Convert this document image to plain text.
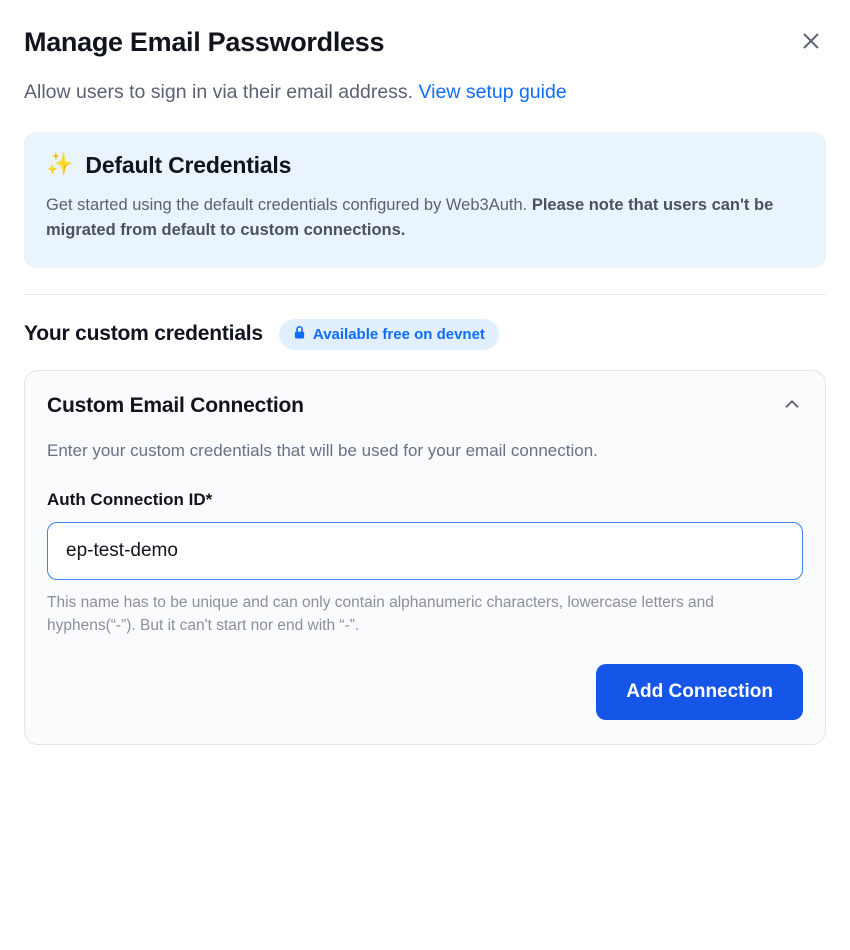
Manage Email Passwordless
Allow users to sign in via their email address. View setup guide
✨ Default Credentials
Get started using the default credentials configured by Web3Auth. Please note that users can't be migrated from default to custom connections.
Your custom credentials	Available free on devnet
Custom Email Connection
Enter your custom credentials that will be used for your email connection.
Auth Connection ID*
ep-test-demo
This name has to be unique and can only contain alphanumeric characters, lowercase letters and hyphens(“-”). But it can't start nor end with “-”.
Add Connection
